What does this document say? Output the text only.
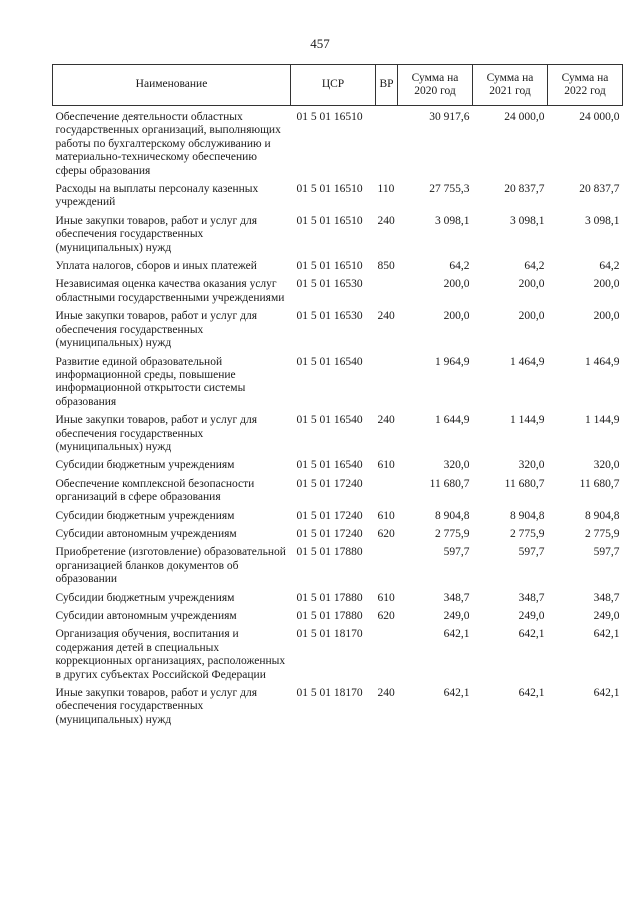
457
Наименование	ЦСР	ВР	Сумма на 2020 год	Сумма на 2021 год	Сумма на 2022 год
Обеспечение деятельности областных государственных организаций, выполняющих работы по бухгалтерскому обслуживанию и материально-техническому обеспечению сферы образования	01 5 01 16510		30 917,6	24 000,0	24 000,0
Расходы на выплаты персоналу казенных учреждений	01 5 01 16510	110	27 755,3	20 837,7	20 837,7
Иные закупки товаров, работ и услуг для обеспечения государственных (муниципальных) нужд	01 5 01 16510	240	3 098,1	3 098,1	3 098,1
Уплата налогов, сборов и иных платежей	01 5 01 16510	850	64,2	64,2	64,2
Независимая оценка качества оказания услуг областными государственными учреждениями	01 5 01 16530		200,0	200,0	200,0
Иные закупки товаров, работ и услуг для обеспечения государственных (муниципальных) нужд	01 5 01 16530	240	200,0	200,0	200,0
Развитие единой образовательной информационной среды, повышение информационной открытости системы образования	01 5 01 16540		1 964,9	1 464,9	1 464,9
Иные закупки товаров, работ и услуг для обеспечения государственных (муниципальных) нужд	01 5 01 16540	240	1 644,9	1 144,9	1 144,9
Субсидии бюджетным учреждениям	01 5 01 16540	610	320,0	320,0	320,0
Обеспечение комплексной безопасности организаций в сфере образования	01 5 01 17240		11 680,7	11 680,7	11 680,7
Субсидии бюджетным учреждениям	01 5 01 17240	610	8 904,8	8 904,8	8 904,8
Субсидии автономным учреждениям	01 5 01 17240	620	2 775,9	2 775,9	2 775,9
Приобретение (изготовление) образовательной организацией бланков документов об образовании	01 5 01 17880		597,7	597,7	597,7
Субсидии бюджетным учреждениям	01 5 01 17880	610	348,7	348,7	348,7
Субсидии автономным учреждениям	01 5 01 17880	620	249,0	249,0	249,0
Организация обучения, воспитания и содержания детей в специальных коррекционных организациях, расположенных в других субъектах Российской Федерации	01 5 01 18170		642,1	642,1	642,1
Иные закупки товаров, работ и услуг для обеспечения государственных (муниципальных) нужд	01 5 01 18170	240	642,1	642,1	642,1
